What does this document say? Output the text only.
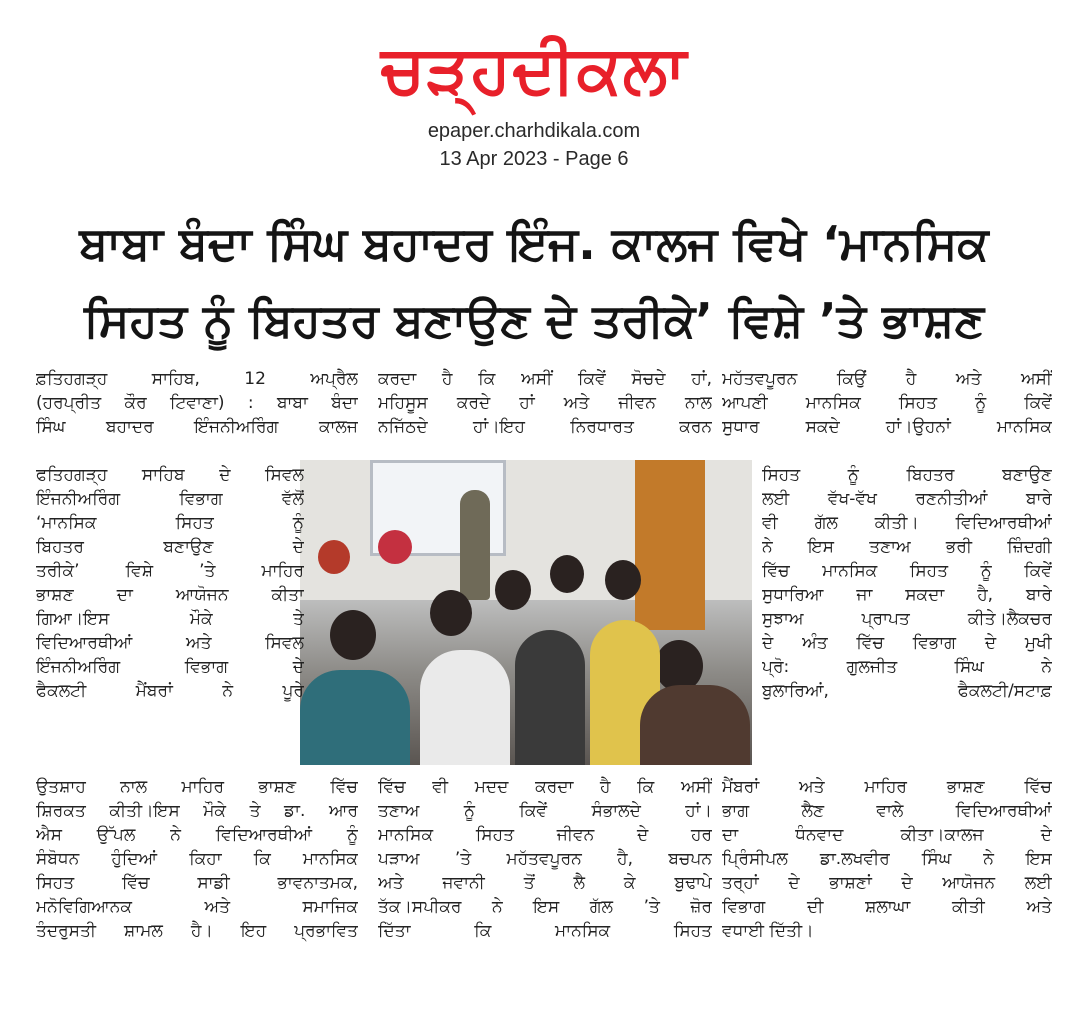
ਚੜ੍ਹਦੀਕਲਾ
epaper.charhdikala.com
13 Apr 2023 - Page 6
ਬਾਬਾ ਬੰਦਾ ਸਿੰਘ ਬਹਾਦਰ ਇੰਜ. ਕਾਲਜ ਵਿਖੇ ‘ਮਾਨਸਿਕ
ਸਿਹਤ ਨੂੰ ਬਿਹਤਰ ਬਣਾਉਣ ਦੇ ਤਰੀਕੇ’ ਵਿਸ਼ੇ ’ਤੇ ਭਾਸ਼ਣ
ਫ਼ਤਿਹਗੜ੍ਹ ਸਾਹਿਬ, 12 ਅਪ੍ਰੈਲ
(ਹਰਪ੍ਰੀਤ ਕੌਰ ਟਿਵਾਣਾ) : ਬਾਬਾ ਬੰਦਾ
ਸਿੰਘ ਬਹਾਦਰ ਇੰਜਨੀਅਰਿੰਗ ਕਾਲਜ
ਫਤਿਹਗੜ੍ਹ ਸਾਹਿਬ ਦੇ ਸਿਵਲ
ਇੰਜਨੀਅਰਿੰਗ ਵਿਭਾਗ ਵੱਲੋਂ
‘ਮਾਨਸਿਕ ਸਿਹਤ ਨੂੰ
ਬਿਹਤਰ ਬਣਾਉਣ ਦੇ
ਤਰੀਕੇ’ ਵਿਸ਼ੇ ’ਤੇ ਮਾਹਿਰ
ਭਾਸ਼ਣ ਦਾ ਆਯੋਜਨ ਕੀਤਾ
ਗਿਆ।ਇਸ ਮੌਕੇ ਤੇ
ਵਿਦਿਆਰਥੀਆਂ ਅਤੇ ਸਿਵਲ
ਇੰਜਨੀਅਰਿੰਗ ਵਿਭਾਗ ਦੇ
ਫੈਕਲਟੀ ਮੈਂਬਰਾਂ ਨੇ ਪੂਰੇ
ਉਤਸ਼ਾਹ ਨਾਲ ਮਾਹਿਰ ਭਾਸ਼ਣ ਵਿੱਚ
ਸ਼ਿਰਕਤ ਕੀਤੀ।ਇਸ ਮੌਕੇ ਤੇ ਡਾ. ਆਰ
ਐਸ ਉੱਪਲ ਨੇ ਵਿਦਿਆਰਥੀਆਂ ਨੂੰ
ਸੰਬੋਧਨ ਹੁੰਦਿਆਂ ਕਿਹਾ ਕਿ ਮਾਨਸਿਕ
ਸਿਹਤ ਵਿੱਚ ਸਾਡੀ ਭਾਵਨਾਤਮਕ,
ਮਨੋਵਿਗਿਆਨਕ ਅਤੇ ਸਮਾਜਿਕ
ਤੰਦਰੁਸਤੀ ਸ਼ਾਮਲ ਹੈ। ਇਹ ਪ੍ਰਭਾਵਿਤ
ਕਰਦਾ ਹੈ ਕਿ ਅਸੀਂ ਕਿਵੇਂ ਸੋਚਦੇ ਹਾਂ,
ਮਹਿਸੂਸ ਕਰਦੇ ਹਾਂ ਅਤੇ ਜੀਵਨ ਨਾਲ
ਨਜਿੱਠਦੇ ਹਾਂ।ਇਹ ਨਿਰਧਾਰਤ ਕਰਨ
ਵਿੱਚ ਵੀ ਮਦਦ ਕਰਦਾ ਹੈ ਕਿ ਅਸੀਂ
ਤਣਾਅ ਨੂੰ ਕਿਵੇਂ ਸੰਭਾਲਦੇ ਹਾਂ।
ਮਾਨਸਿਕ ਸਿਹਤ ਜੀਵਨ ਦੇ ਹਰ
ਪੜਾਅ ’ਤੇ ਮਹੱਤਵਪੂਰਨ ਹੈ, ਬਚਪਨ
ਅਤੇ ਜਵਾਨੀ ਤੋਂ ਲੈ ਕੇ ਬੁਢਾਪੇ
ਤੱਕ।ਸਪੀਕਰ ਨੇ ਇਸ ਗੱਲ ’ਤੇ ਜ਼ੋਰ
ਦਿੱਤਾ ਕਿ ਮਾਨਸਿਕ ਸਿਹਤ
ਮਹੱਤਵਪੂਰਨ ਕਿਉਂ ਹੈ ਅਤੇ ਅਸੀਂ
ਆਪਣੀ ਮਾਨਸਿਕ ਸਿਹਤ ਨੂੰ ਕਿਵੇਂ
ਸੁਧਾਰ ਸਕਦੇ ਹਾਂ।ਉਹਨਾਂ ਮਾਨਸਿਕ
ਸਿਹਤ ਨੂੰ ਬਿਹਤਰ ਬਣਾਉਣ
ਲਈ ਵੱਖ-ਵੱਖ ਰਣਨੀਤੀਆਂ ਬਾਰੇ
ਵੀ ਗੱਲ ਕੀਤੀ। ਵਿਦਿਆਰਥੀਆਂ
ਨੇ ਇਸ ਤਣਾਅ ਭਰੀ ਜ਼ਿੰਦਗੀ
ਵਿੱਚ ਮਾਨਸਿਕ ਸਿਹਤ ਨੂੰ ਕਿਵੇਂ
ਸੁਧਾਰਿਆ ਜਾ ਸਕਦਾ ਹੈ, ਬਾਰੇ
ਸੁਝਾਅ ਪ੍ਰਾਪਤ ਕੀਤੇ।ਲੈਕਚਰ
ਦੇ ਅੰਤ ਵਿੱਚ ਵਿਭਾਗ ਦੇ ਮੁਖੀ
ਪ੍ਰੋ: ਗੁਲਜੀਤ ਸਿੰਘ ਨੇ
ਬੁਲਾਰਿਆਂ, ਫੈਕਲਟੀ/ਸਟਾਫ਼
ਮੈਂਬਰਾਂ ਅਤੇ ਮਾਹਿਰ ਭਾਸ਼ਣ ਵਿੱਚ
ਭਾਗ ਲੈਣ ਵਾਲੇ ਵਿਦਿਆਰਥੀਆਂ
ਦਾ ਧੰਨਵਾਦ ਕੀਤਾ।ਕਾਲਜ ਦੇ
ਪ੍ਰਿੰਸੀਪਲ ਡਾ.ਲਖਵੀਰ ਸਿੰਘ ਨੇ ਇਸ
ਤਰ੍ਹਾਂ ਦੇ ਭਾਸ਼ਣਾਂ ਦੇ ਆਯੋਜਨ ਲਈ
ਵਿਭਾਗ ਦੀ ਸ਼ਲਾਘਾ ਕੀਤੀ ਅਤੇ
ਵਧਾਈ ਦਿੱਤੀ।
